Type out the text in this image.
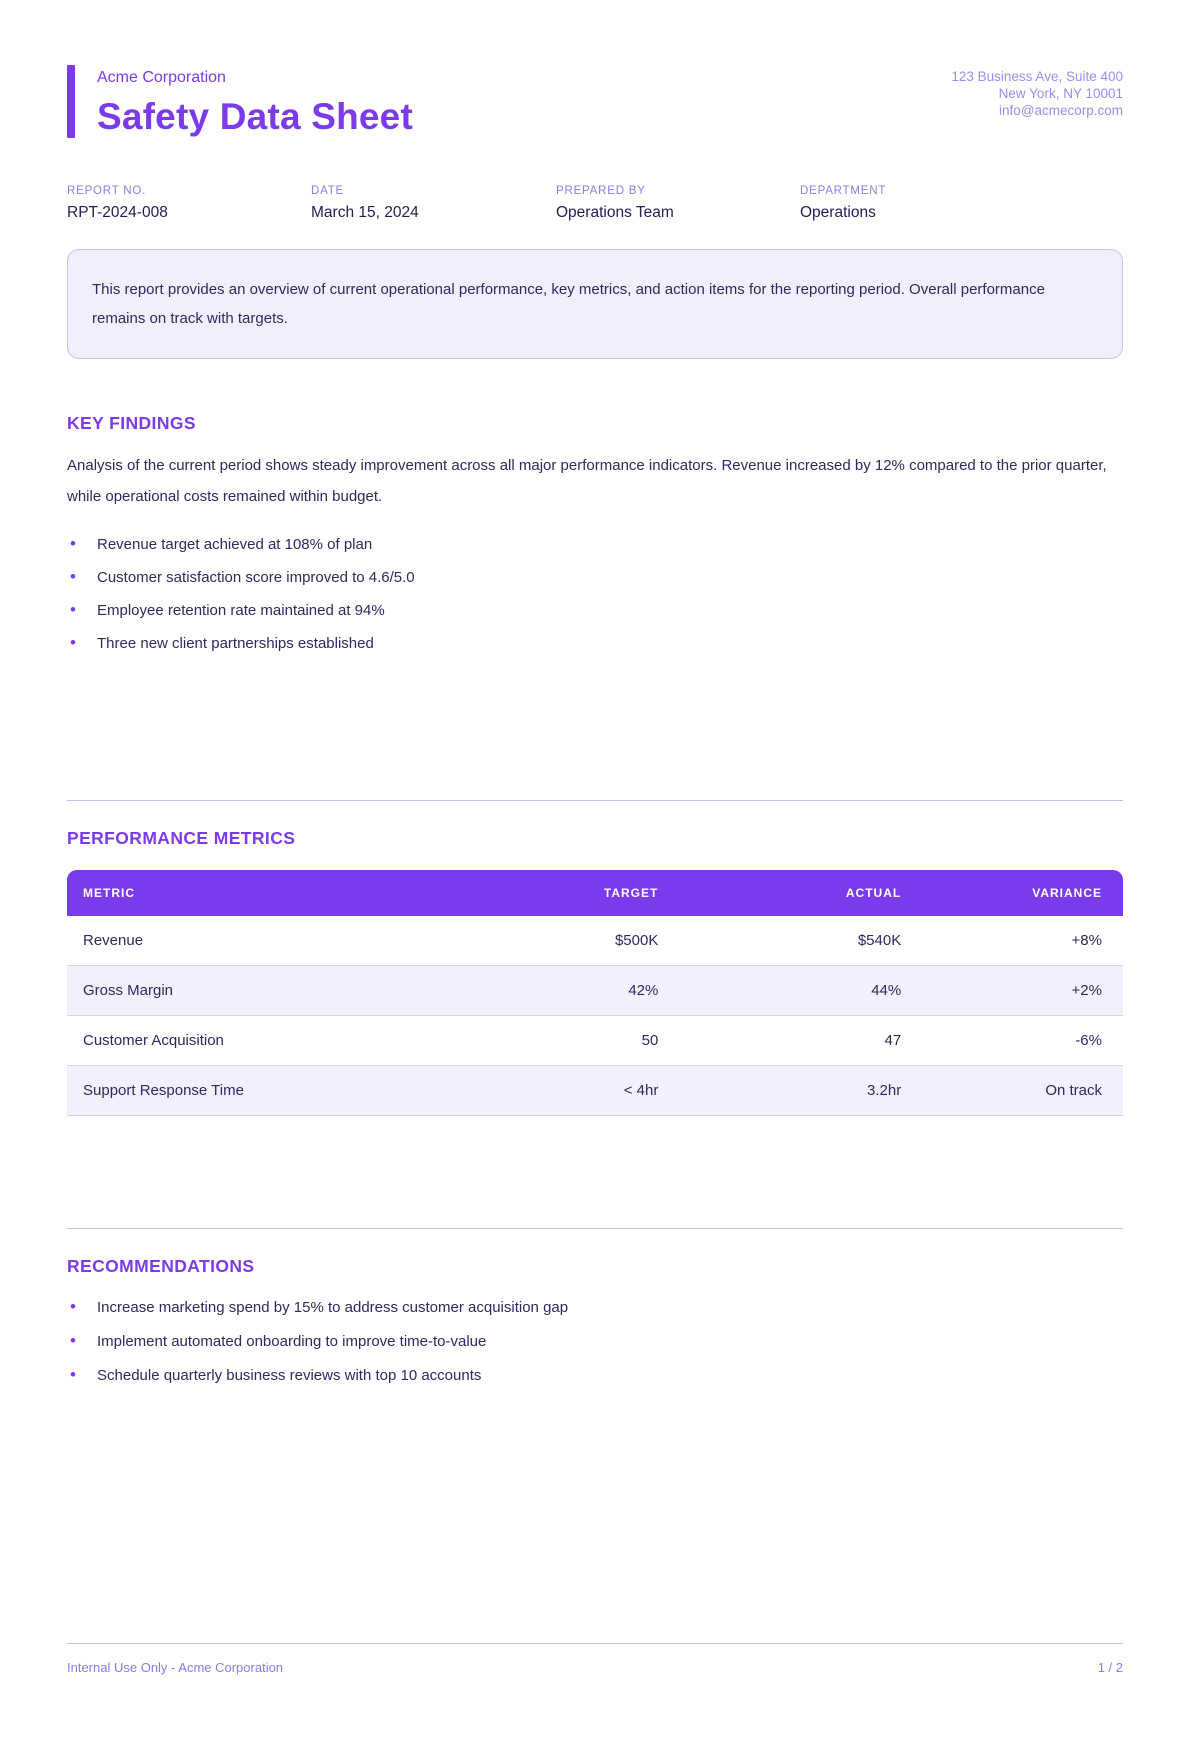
Acme Corporation
Safety Data Sheet
123 Business Ave, Suite 400
New York, NY 10001
info@acmecorp.com
REPORT NO.
RPT-2024-008
DATE
March 15, 2024
PREPARED BY
Operations Team
DEPARTMENT
Operations
This report provides an overview of current operational performance, key metrics, and action items for the reporting period. Overall performance remains on track with targets.
KEY FINDINGS

Analysis of the current period shows steady improvement across all major performance indicators. Revenue increased by 12% compared to the prior quarter, while operational costs remained within budget.

• Revenue target achieved at 108% of plan
• Customer satisfaction score improved to 4.6/5.0
• Employee retention rate maintained at 94%
• Three new client partnerships established
PERFORMANCE METRICS
METRIC	TARGET	ACTUAL	VARIANCE
Revenue	$500K	$540K	+8%
Gross Margin	42%	44%	+2%
Customer Acquisition	50	47	-6%
Support Response Time	< 4hr	3.2hr	On track
RECOMMENDATIONS
• Increase marketing spend by 15% to address customer acquisition gap
• Implement automated onboarding to improve time-to-value
• Schedule quarterly business reviews with top 10 accounts
Internal Use Only - Acme Corporation	1 / 2
